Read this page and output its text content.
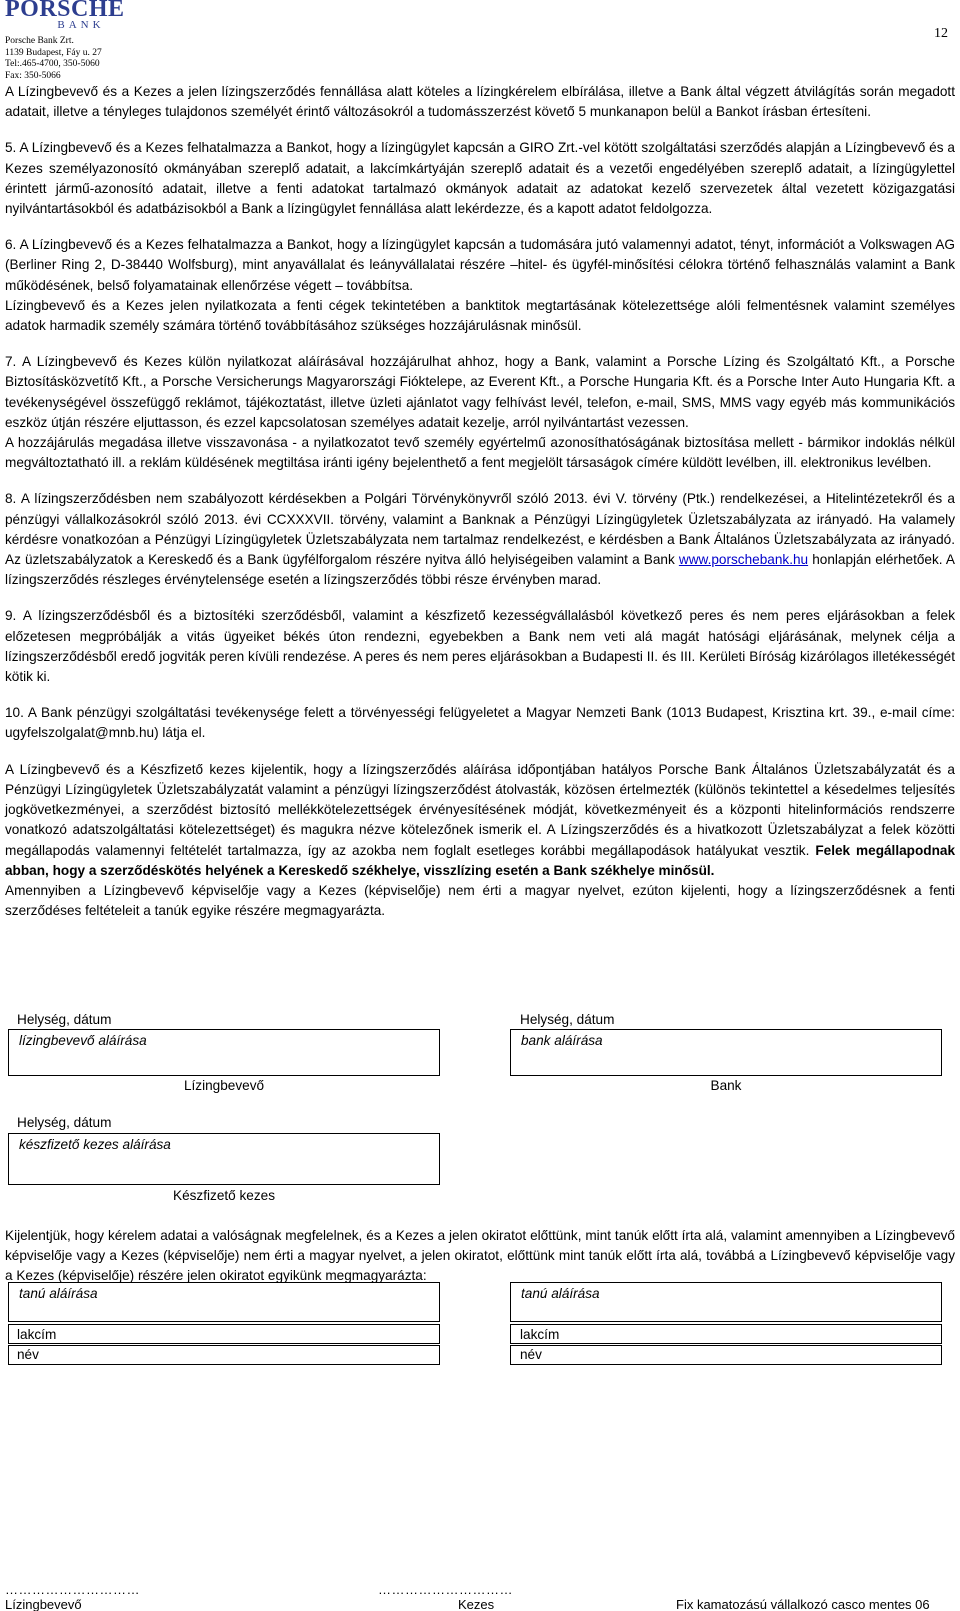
PORSCHE
BANK
Porsche Bank Zrt.
1139 Budapest, Fáy u. 27
Tel:.465-4700, 350-5060
Fax: 350-5066
12

A Lízingbevevő és a Kezes a jelen lízingszerződés fennállása alatt köteles a lízingkérelem elbírálása, illetve a Bank által végzett átvilágítás során megadott adatait, illetve a tényleges tulajdonos személyét érintő változásokról a tudomásszerzést követő 5 munkanapon belül a Bankot írásban értesíteni.

5. A Lízingbevevő és a Kezes felhatalmazza a Bankot, hogy a lízingügylet kapcsán a GIRO Zrt.-vel kötött szolgáltatási szerződés alapján a Lízingbevevő és a Kezes személyazonosító okmányában szereplő adatait, a lakcímkártyáján szereplő adatait és a vezetői engedélyében szereplő adatait, a lízingügylettel érintett jármű-azonosító adatait, illetve a fenti adatokat tartalmazó okmányok adatait az adatokat kezelő szervezetek által vezetett közigazgatási nyilvántartásokból és adatbázisokból a Bank a lízingügylet fennállása alatt lekérdezze, és a kapott adatot feldolgozza.

6. A Lízingbevevő és a Kezes felhatalmazza a Bankot, hogy a lízingügylet kapcsán a tudomására jutó valamennyi adatot, tényt, információt a Volkswagen AG (Berliner Ring 2, D-38440 Wolfsburg), mint anyavállalat és leányvállalatai részére –hitel- és ügyfél-minősítési célokra történő felhasználás valamint a Bank működésének, belső folyamatainak ellenőrzése végett – továbbítsa.

Lízingbevevő és a Kezes jelen nyilatkozata a fenti cégek tekintetében a banktitok megtartásának kötelezettsége alóli felmentésnek valamint személyes adatok harmadik személy számára történő továbbításához szükséges hozzájárulásnak minősül.

7. A Lízingbevevő és Kezes külön nyilatkozat aláírásával hozzájárulhat ahhoz, hogy a Bank, valamint a Porsche Lízing és Szolgáltató Kft., a Porsche Biztosításközvetítő Kft., a Porsche Versicherungs Magyarországi Fióktelepe, az Everent Kft., a Porsche Hungaria Kft. és a Porsche Inter Auto Hungaria Kft. a tevékenységével összefüggő reklámot, tájékoztatást, illetve üzleti ajánlatot vagy felhívást levél, telefon, e-mail, SMS, MMS vagy egyéb más kommunikációs eszköz útján részére eljuttasson, és ezzel kapcsolatosan személyes adatait kezelje, arról nyilvántartást vezessen.

A hozzájárulás megadása illetve visszavonása - a nyilatkozatot tevő személy egyértelmű azonosíthatóságának biztosítása mellett - bármikor indoklás nélkül megváltoztatható ill. a reklám küldésének megtiltása iránti igény bejelenthető a fent megjelölt társaságok címére küldött levélben, ill. elektronikus levélben.

8. A lízingszerződésben nem szabályozott kérdésekben a Polgári Törvénykönyvről szóló 2013. évi V. törvény (Ptk.) rendelkezései, a Hitelintézetekről és a pénzügyi vállalkozásokról szóló 2013. évi CCXXXVII. törvény, valamint a Banknak a Pénzügyi Lízingügyletek Üzletszabályzata az irányadó. Ha valamely kérdésre vonatkozóan a Pénzügyi Lízingügyletek Üzletszabályzata nem tartalmaz rendelkezést, e kérdésben a Bank Általános Üzletszabályzata az irányadó. Az üzletszabályzatok a Kereskedő és a Bank ügyfélforgalom részére nyitva álló helyiségeiben valamint a Bank www.porschebank.hu honlapján elérhetőek. A lízingszerződés részleges érvénytelensége esetén a lízingszerződés többi része érvényben marad.

9. A lízingszerződésből és a biztosítéki szerződésből, valamint a készfizető kezességvállalásból következő peres és nem peres eljárásokban a felek előzetesen megpróbálják a vitás ügyeiket békés úton rendezni, egyebekben a Bank nem veti alá magát hatósági eljárásának, melynek célja a lízingszerződésből eredő jogviták peren kívüli rendezése. A peres és nem peres eljárásokban a Budapesti II. és III. Kerületi Bíróság kizárólagos illetékességét kötik ki.

10. A Bank pénzügyi szolgáltatási tevékenysége felett a törvényességi felügyeletet a Magyar Nemzeti Bank (1013 Budapest, Krisztina krt. 39., e-mail címe: ugyfelszolgalat@mnb.hu) látja el.

A Lízingbevevő és a Készfizető kezes kijelentik, hogy a lízingszerződés aláírása időpontjában hatályos Porsche Bank Általános Üzletszabályzatát és a Pénzügyi Lízingügyletek Üzletszabályzatát valamint a pénzügyi lízingszerződést átolvasták, közösen értelmezték (különös tekintettel a késedelmes teljesítés jogkövetkezményei, a szerződést biztosító mellékkötelezettségek érvényesítésének módját, következményeit és a központi hitelinformációs rendszerre vonatkozó adatszolgáltatási kötelezettséget) és magukra nézve kötelezőnek ismerik el. A Lízingszerződés és a hivatkozott Üzletszabályzat a felek közötti megállapodás valamennyi feltételét tartalmazza, így az azokba nem foglalt esetleges korábbi megállapodások hatályukat vesztik. Felek megállapodnak abban, hogy a szerződéskötés helyének a Kereskedő székhelye, visszlízing esetén a Bank székhelye minősül.

Amennyiben a Lízingbevevő képviselője vagy a Kezes (képviselője) nem érti a magyar nyelvet, ezúton kijelenti, hogy a lízingszerződésnek a fenti szerződéses feltételeit a tanúk egyike részére megmagyarázta.

Helység, dátum
lízingbevevő aláírása
Lízingbevevő
Helység, dátum
bank aláírása
Bank
Helység, dátum
készfizető kezes aláírása
Készfizető kezes

Kijelentjük, hogy kérelem adatai a valóságnak megfelelnek, és a Kezes a jelen okiratot előttünk, mint tanúk előtt írta alá, valamint amennyiben a Lízingbevevő képviselője vagy a Kezes (képviselője) nem érti a magyar nyelvet, a jelen okiratot, előttünk mint tanúk előtt írta alá, továbbá a Lízingbevevő képviselője vagy a Kezes (képviselője) részére jelen okiratot egyikünk megmagyarázta:

tanú aláírása
lakcím
név
tanú aláírása
lakcím
név
…………………………
Lízingbevevő
…………………………
Kezes	Fix kamatozású vállalkozó casco mentes 06
